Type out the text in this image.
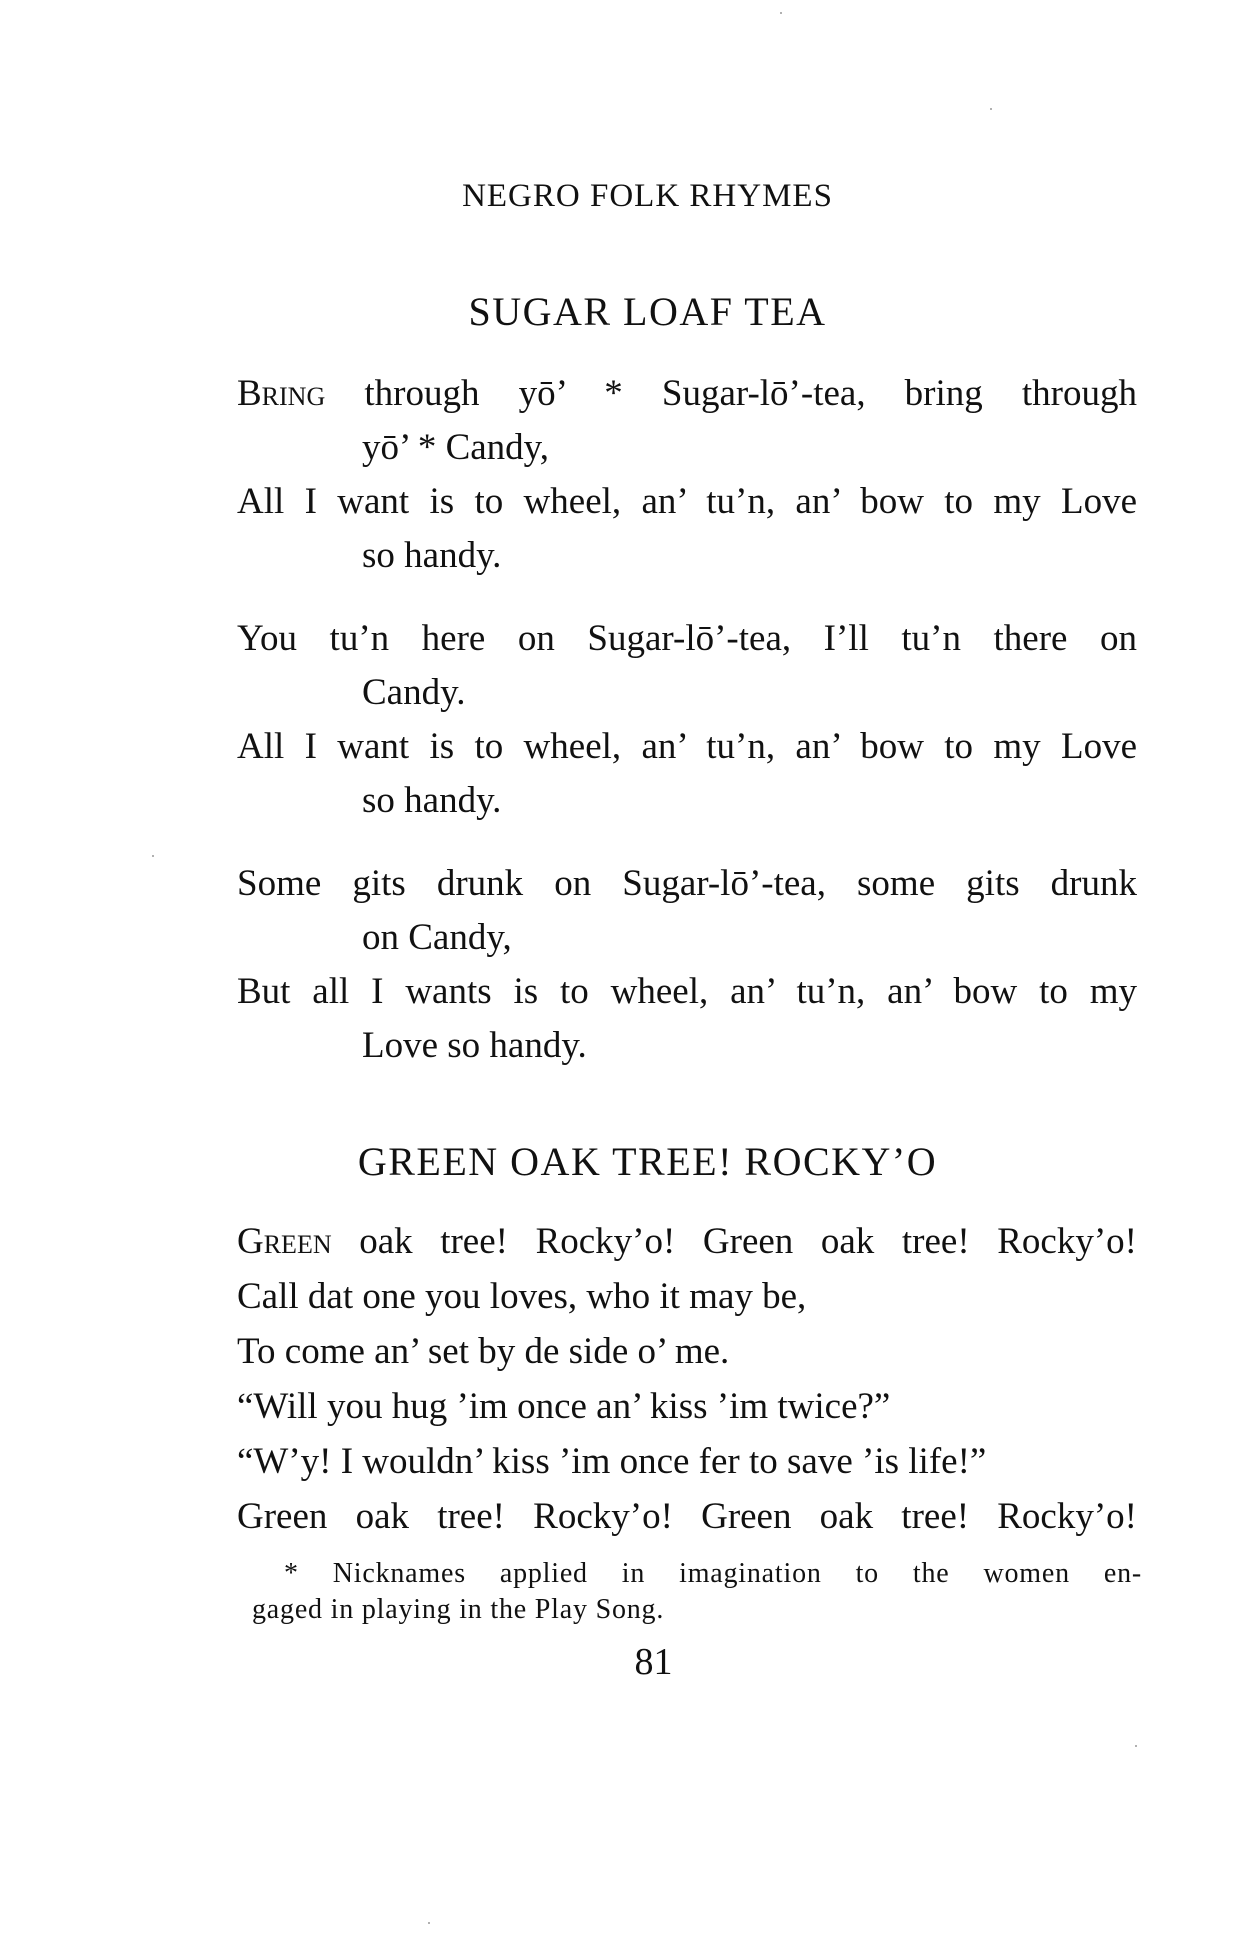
NEGRO FOLK RHYMES
SUGAR LOAF TEA
Bring through yō’ * Sugar-lō’-tea, bring through
yō’ * Candy,
All I want is to wheel, an’ tu’n, an’ bow to my Love
so handy.
You tu’n here on Sugar-lō’-tea, I’ll tu’n there on
Candy.
All I want is to wheel, an’ tu’n, an’ bow to my Love
so handy.
Some gits drunk on Sugar-lō’-tea, some gits drunk
on Candy,
But all I wants is to wheel, an’ tu’n, an’ bow to my
Love so handy.
GREEN OAK TREE! ROCKY’O
Green oak tree! Rocky’o! Green oak tree! Rocky’o!
Call dat one you loves, who it may be,
To come an’ set by de side o’ me.
“Will you hug ’im once an’ kiss ’im twice?”
“W’y! I wouldn’ kiss ’im once fer to save ’is life!”
Green oak tree! Rocky’o! Green oak tree! Rocky’o!
* Nicknames applied in imagination to the women en-
gaged in playing in the Play Song.
81
